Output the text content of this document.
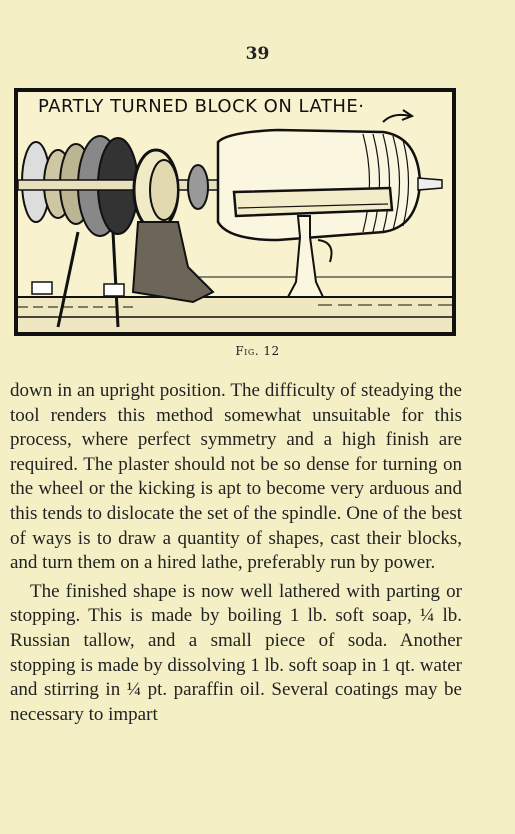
39
PARTLY TURNED BLOCK ON LATHE·
Fig. 12

down in an upright position. The difficulty of steadying the tool renders this method somewhat unsuitable for this process, where perfect symmetry and a high finish are required. The plaster should not be so dense for turning on the wheel or the kicking is apt to become very arduous and this tends to dislocate the set of the spindle. One of the best of ways is to draw a quantity of shapes, cast their blocks, and turn them on a hired lathe, preferably run by power.

The finished shape is now well lathered with parting or stopping. This is made by boiling 1 lb. soft soap, ¼ lb. Russian tallow, and a small piece of soda. Another stopping is made by dissolving 1 lb. soft soap in 1 qt. water and stirring in ¼ pt. paraffin oil. Several coatings may be necessary to impart
